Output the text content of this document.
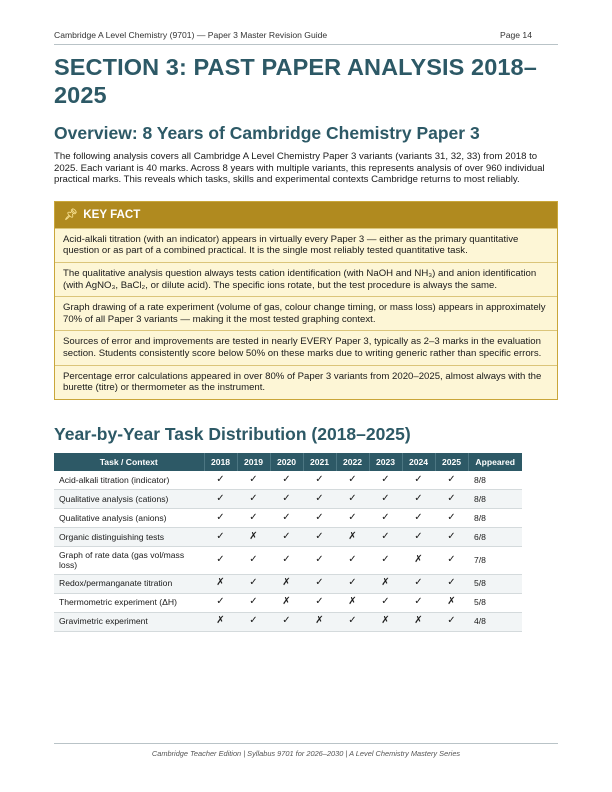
Cambridge A Level Chemistry (9701) — Paper 3 Master Revision Guide	Page 14
SECTION 3: PAST PAPER ANALYSIS 2018–2025
Overview: 8 Years of Cambridge Chemistry Paper 3

The following analysis covers all Cambridge A Level Chemistry Paper 3 variants (variants 31, 32, 33) from 2018 to 2025. Each variant is 40 marks. Across 8 years with multiple variants, this represents analysis of over 960 individual practical marks. This reveals which tasks, skills and experimental contexts Cambridge returns to most reliably.

📌︎ KEY FACT
Acid-alkali titration (with an indicator) appears in virtually every Paper 3 — either as the primary quantitative question or as part of a combined practical. It is the single most reliably tested quantitative task.
The qualitative analysis question always tests cation identification (with NaOH and NH₃) and anion identification (with AgNO₃, BaCl₂, or dilute acid). The specific ions rotate, but the test procedure is always the same.
Graph drawing of a rate experiment (volume of gas, colour change timing, or mass loss) appears in approximately 70% of all Paper 3 variants — making it the most tested graphing context.
Sources of error and improvements are tested in nearly EVERY Paper 3, typically as 2–3 marks in the evaluation section. Students consistently score below 50% on these marks due to writing generic rather than specific errors.
Percentage error calculations appeared in over 80% of Paper 3 variants from 2020–2025, almost always with the burette (titre) or thermometer as the instrument.
Year-by-Year Task Distribution (2018–2025)
Task / Context	2018	2019	2020	2021	2022	2023	2024	2025	Appeared
Acid-alkali titration (indicator)	✓	✓	✓	✓	✓	✓	✓	✓	8/8
Qualitative analysis (cations)	✓	✓	✓	✓	✓	✓	✓	✓	8/8
Qualitative analysis (anions)	✓	✓	✓	✓	✓	✓	✓	✓	8/8
Organic distinguishing tests	✓	✗	✓	✓	✗	✓	✓	✓	6/8
Graph of rate data (gas vol/mass loss)	✓	✓	✓	✓	✓	✓	✗	✓	7/8
Redox/permanganate titration	✗	✓	✗	✓	✓	✗	✓	✓	5/8
Thermometric experiment (ΔH)	✓	✓	✗	✓	✗	✓	✓	✗	5/8
Gravimetric experiment	✗	✓	✓	✗	✓	✗	✗	✓	4/8
Cambridge Teacher Edition | Syllabus 9701 for 2026–2030 | A Level Chemistry Mastery Series
